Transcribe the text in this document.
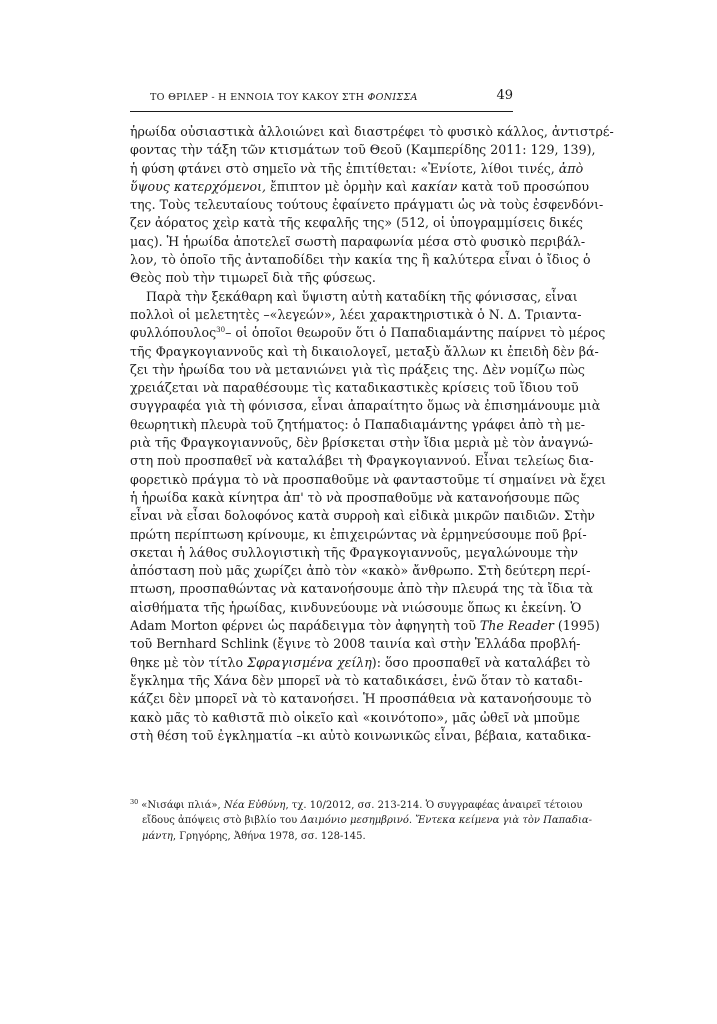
ΤΟ ΘΡΙΛΕΡ - Η ΕΝΝΟΙΑ ΤΟΥ ΚΑΚΟΥ ΣΤΗ ΦΟΝΙΣΣΑ	49
ἡρωίδα οὐσιαστικὰ ἀλλοιώνει καὶ διαστρέφει τὸ φυσικὸ κάλλος, ἀντιστρέ-
φοντας τὴν τάξη τῶν κτισμάτων τοῦ Θεοῦ (Καμπερίδης 2011: 129, 139),
ἡ φύση φτάνει στὸ σημεῖο νὰ τῆς ἐπιτίθεται: «Ἐνίοτε, λίθοι τινές, ἀπὸ
ὕψους κατερχόμενοι, ἔπιπτον μὲ ὁρμὴν καὶ κακίαν κατὰ τοῦ προσώπου
της. Τοὺς τελευταίους τούτους ἐφαίνετο πράγματι ὡς νὰ τοὺς ἐσφενδόνι-
ζεν ἀόρατος χεὶρ κατὰ τῆς κεφαλῆς της» (512, οἱ ὑπογραμμίσεις δικές
μας). Ἡ ἡρωίδα ἀποτελεῖ σωστὴ παραφωνία μέσα στὸ φυσικὸ περιβάλ-
λον, τὸ ὁποῖο τῆς ἀνταποδίδει τὴν κακία της ἢ καλύτερα εἶναι ὁ ἴδιος ὁ
Θεὸς ποὺ τὴν τιμωρεῖ διὰ τῆς φύσεως.
Παρὰ τὴν ξεκάθαρη καὶ ὕψιστη αὐτὴ καταδίκη τῆς φόνισσας, εἶναι
πολλοὶ οἱ μελετητὲς –«λεγεών», λέει χαρακτηριστικὰ ὁ Ν. Δ. Τριαντα-
φυλλόπουλος$^{30}$– οἱ ὁποῖοι θεωροῦν ὅτι ὁ Παπαδιαμάντης παίρνει τὸ μέρος
τῆς Φραγκογιαννοῦς καὶ τὴ δικαιολογεῖ, μεταξὺ ἄλλων κι ἐπειδὴ δὲν βά-
ζει τὴν ἡρωίδα του νὰ μετανιώνει γιὰ τὶς πράξεις της. Δὲν νομίζω πὼς
χρειάζεται νὰ παραθέσουμε τὶς καταδικαστικὲς κρίσεις τοῦ ἴδιου τοῦ
συγγραφέα γιὰ τὴ φόνισσα, εἶναι ἀπαραίτητο ὅμως νὰ ἐπισημάνουμε μιὰ
θεωρητικὴ πλευρὰ τοῦ ζητήματος: ὁ Παπαδιαμάντης γράφει ἀπὸ τὴ με-
ριὰ τῆς Φραγκογιαννοῦς, δὲν βρίσκεται στὴν ἴδια μεριὰ μὲ τὸν ἀναγνώ-
στη ποὺ προσπαθεῖ νὰ καταλάβει τὴ Φραγκογιαννού. Εἶναι τελείως δια-
φορετικὸ πράγμα τὸ νὰ προσπαθοῦμε νὰ φανταστοῦμε τί σημαίνει νὰ ἔχει
ἡ ἡρωίδα κακὰ κίνητρα ἀπ' τὸ νὰ προσπαθοῦμε νὰ κατανοήσουμε πῶς
εἶναι νὰ εἶσαι δολοφόνος κατὰ συρροὴ καὶ εἰδικὰ μικρῶν παιδιῶν. Στὴν
πρώτη περίπτωση κρίνουμε, κι ἐπιχειρώντας νὰ ἑρμηνεύσουμε ποῦ βρί-
σκεται ἡ λάθος συλλογιστικὴ τῆς Φραγκογιαννοῦς, μεγαλώνουμε τὴν
ἀπόσταση ποὺ μᾶς χωρίζει ἀπὸ τὸν «κακὸ» ἄνθρωπο. Στὴ δεύτερη περί-
πτωση, προσπαθώντας νὰ κατανοήσουμε ἀπὸ τὴν πλευρά της τὰ ἴδια τὰ
αἰσθήματα τῆς ἡρωίδας, κινδυνεύουμε νὰ νιώσουμε ὅπως κι ἐκείνη. Ὁ
Adam Morton φέρνει ὡς παράδειγμα τὸν ἀφηγητὴ τοῦ The Reader (1995)
τοῦ Bernhard Schlink (ἔγινε τὸ 2008 ταινία καὶ στὴν Ἑλλάδα προβλή-
θηκε μὲ τὸν τίτλο Σφραγισμένα χείλη): ὅσο προσπαθεῖ νὰ καταλάβει τὸ
ἔγκλημα τῆς Χάνα δὲν μπορεῖ νὰ τὸ καταδικάσει, ἐνῶ ὅταν τὸ καταδι-
κάζει δὲν μπορεῖ νὰ τὸ κατανοήσει. Ἡ προσπάθεια νὰ κατανοήσουμε τὸ
κακὸ μᾶς τὸ καθιστᾶ πιὸ οἰκεῖο καὶ «κοινότοπο», μᾶς ὠθεῖ νὰ μποῦμε
στὴ θέση τοῦ ἐγκληματία –κι αὐτὸ κοινωνικῶς εἶναι, βέβαια, καταδικα-
$^{30}$ «Νισάφι πλιά», Νέα Εὐθύνη, τχ. 10/2012, σσ. 213-214. Ὁ συγγραφέας ἀναιρεῖ τέτοιου
εἴδους ἀπόψεις στὸ βιβλίο του Δαιμόνιο μεσημβρινό. Ἔντεκα κείμενα γιὰ τὸν Παπαδια-
μάντη, Γρηγόρης, Ἀθήνα 1978, σσ. 128-145.
